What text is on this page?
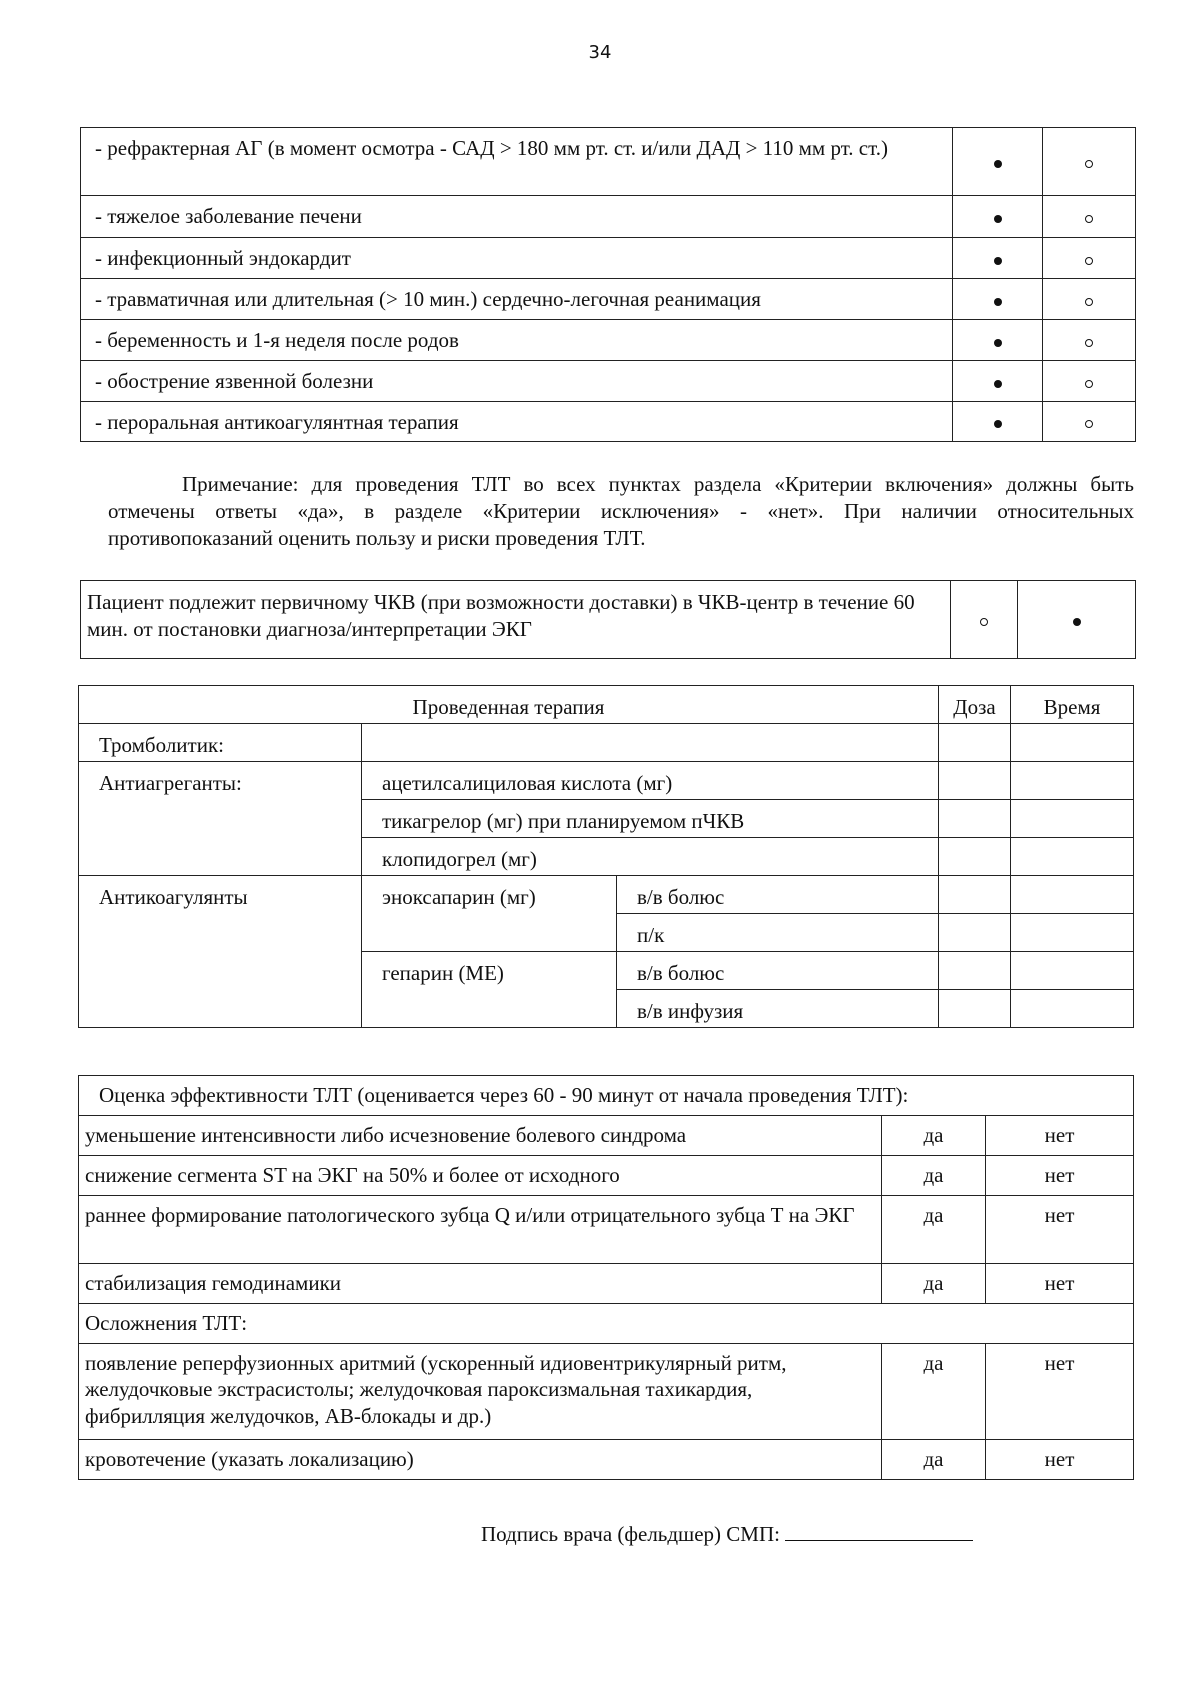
34
- рефрактерная АГ (в момент осмотра - САД > 180 мм рт. ст. и/или ДАД > 110 мм рт. ст.)		
- тяжелое заболевание печени		
- инфекционный эндокардит		
- травматичная или длительная (> 10 мин.) сердечно-легочная реанимация		
- беременность и 1-я неделя после родов		
- обострение язвенной болезни		
- пероральная антикоагулянтная терапия		
Примечание: для проведения ТЛТ во всех пунктах раздела «Критерии включения» должны быть отмечены ответы «да», в разделе «Критерии исключения» - «нет». При наличии относительных противопоказаний оценить пользу и риски проведения ТЛТ.
Пациент подлежит первичному ЧКВ (при возможности доставки) в ЧКВ-центр в течение 60 мин. от постановки диагноза/интерпретации ЭКГ		
Проведенная терапия			Доза	Время
Тромболитик:				
Антиагреганты:	ацетилсалициловая кислота (мг)			
	тикагрелор (мг) при планируемом пЧКВ			
	клопидогрел (мг)			
Антикоагулянты	эноксапарин (мг)	в/в болюс		
		п/к		
	гепарин (МЕ)	в/в болюс		
		в/в инфузия		
Оценка эффективности ТЛТ (оценивается через 60 - 90 минут от начала проведения ТЛТ):		
уменьшение интенсивности либо исчезновение болевого синдрома	да	нет
снижение сегмента ST на ЭКГ на 50% и более от исходного	да	нет
раннее формирование патологического зубца Q и/или отрицательного зубца Т на ЭКГ	да	нет
стабилизация гемодинамики	да	нет
Осложнения ТЛТ:		
появление реперфузионных аритмий (ускоренный идиовентрикулярный ритм, желудочковые экстрасистолы; желудочковая пароксизмальная тахикардия, фибрилляция желудочков, АВ-блокады и др.)	да	нет
кровотечение (указать локализацию)	да	нет
Подпись врача (фельдшер) СМП:
